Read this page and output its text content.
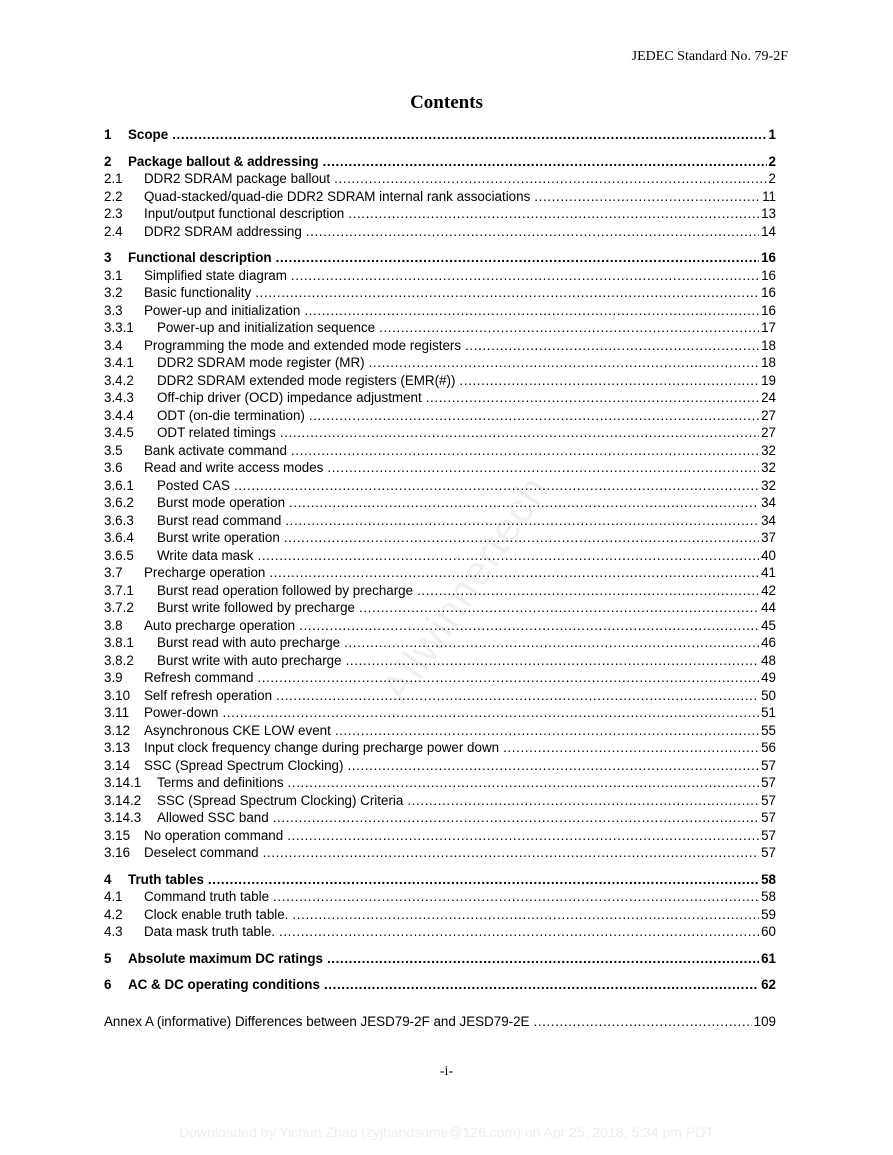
JEDEC Standard No. 79-2F
Allwinnertech
Contents
1	Scope . . .	1
2	Package ballout & addressing . . .	2
2.1	DDR2 SDRAM package ballout . . .	2
2.2	Quad-stacked/quad-die DDR2 SDRAM internal rank associations . . .	11
2.3	Input/output functional description . . .	13
2.4	DDR2 SDRAM addressing . . .	14
3	Functional description . . .	16
3.1	Simplified state diagram . . .	16
3.2	Basic functionality . . .	16
3.3	Power-up and initialization . . .	16
3.3.1	Power-up and initialization sequence . . .	17
3.4	Programming the mode and extended mode registers . . .	18
3.4.1	DDR2 SDRAM mode register (MR) . . .	18
3.4.2	DDR2 SDRAM extended mode registers (EMR(#)) . . .	19
3.4.3	Off-chip driver (OCD) impedance adjustment . . .	24
3.4.4	ODT (on-die termination) . . .	27
3.4.5	ODT related timings . . .	27
3.5	Bank activate command . . .	32
3.6	Read and write access modes . . .	32
3.6.1	Posted CAS . . .	32
3.6.2	Burst mode operation . . .	34
3.6.3	Burst read command . . .	34
3.6.4	Burst write operation . . .	37
3.6.5	Write data mask . . .	40
3.7	Precharge operation . . .	41
3.7.1	Burst read operation followed by precharge . . .	42
3.7.2	Burst write followed by precharge . . .	44
3.8	Auto precharge operation . . .	45
3.8.1	Burst read with auto precharge . . .	46
3.8.2	Burst write with auto precharge . . .	48
3.9	Refresh command . . .	49
3.10	Self refresh operation . . .	50
3.11	Power-down . . .	51
3.12	Asynchronous CKE LOW event . . .	55
3.13	Input clock frequency change during precharge power down . . .	56
3.14	SSC (Spread Spectrum Clocking) . . .	57
3.14.1	Terms and definitions . . .	57
3.14.2	SSC (Spread Spectrum Clocking) Criteria . . .	57
3.14.3	Allowed SSC band . . .	57
3.15	No operation command . . .	57
3.16	Deselect command . . .	57
4	Truth tables . . .	58
4.1	Command truth table . . .	58
4.2	Clock enable truth table. . . .	59
4.3	Data mask truth table. . . .	60
5	Absolute maximum DC ratings . . .	61
6	AC & DC operating conditions . . .	62
Annex A (informative) Differences between JESD79-2F and JESD79-2E . . .	109
-i-
Downloaded by Yichun Zhao (zyjhandsome@126.com) on Apr 25, 2018, 5:34 pm PDT
